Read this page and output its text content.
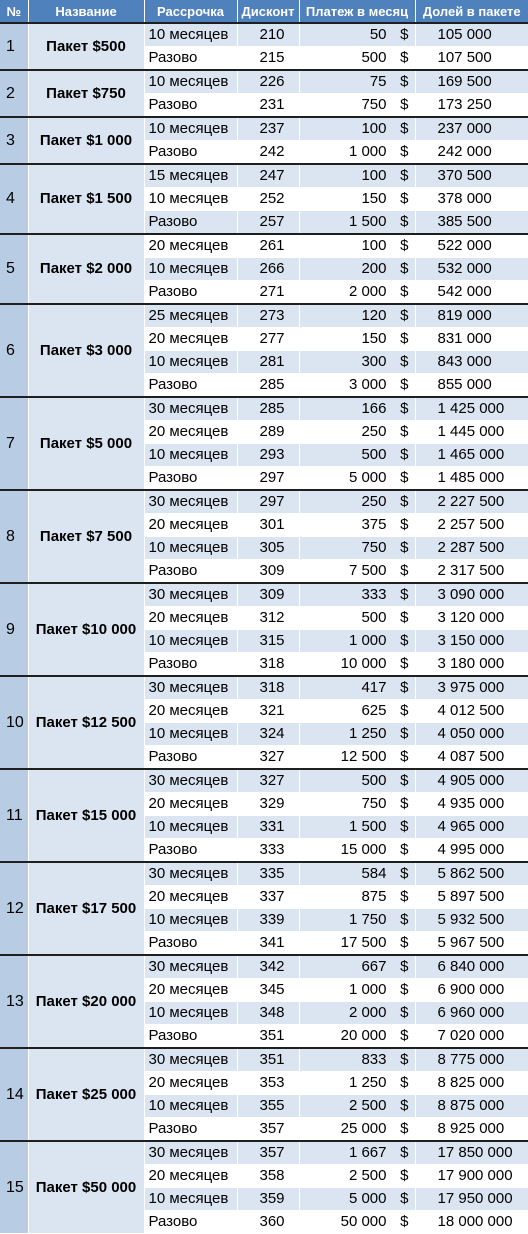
№	Название	Рассрочка	Дисконт	Платеж в месяц	Долей в пакете
1	Пакет $500	10 месяцев	210	50 $	105 000
		Разово	215	500 $	107 500
2	Пакет $750	10 месяцев	226	75 $	169 500
		Разово	231	750 $	173 250
3	Пакет $1 000	10 месяцев	237	100 $	237 000
		Разово	242	1 000 $	242 000
4	Пакет $1 500	15 месяцев	247	100 $	370 500
		10 месяцев	252	150 $	378 000
		Разово	257	1 500 $	385 500
5	Пакет $2 000	20 месяцев	261	100 $	522 000
		10 месяцев	266	200 $	532 000
		Разово	271	2 000 $	542 000
6	Пакет $3 000	25 месяцев	273	120 $	819 000
		20 месяцев	277	150 $	831 000
		10 месяцев	281	300 $	843 000
		Разово	285	3 000 $	855 000
7	Пакет $5 000	30 месяцев	285	166 $	1 425 000
		20 месяцев	289	250 $	1 445 000
		10 месяцев	293	500 $	1 465 000
		Разово	297	5 000 $	1 485 000
8	Пакет $7 500	30 месяцев	297	250 $	2 227 500
		20 месяцев	301	375 $	2 257 500
		10 месяцев	305	750 $	2 287 500
		Разово	309	7 500 $	2 317 500
9	Пакет $10 000	30 месяцев	309	333 $	3 090 000
		20 месяцев	312	500 $	3 120 000
		10 месяцев	315	1 000 $	3 150 000
		Разово	318	10 000 $	3 180 000
10	Пакет $12 500	30 месяцев	318	417 $	3 975 000
		20 месяцев	321	625 $	4 012 500
		10 месяцев	324	1 250 $	4 050 000
		Разово	327	12 500 $	4 087 500
11	Пакет $15 000	30 месяцев	327	500 $	4 905 000
		20 месяцев	329	750 $	4 935 000
		10 месяцев	331	1 500 $	4 965 000
		Разово	333	15 000 $	4 995 000
12	Пакет $17 500	30 месяцев	335	584 $	5 862 500
		20 месяцев	337	875 $	5 897 500
		10 месяцев	339	1 750 $	5 932 500
		Разово	341	17 500 $	5 967 500
13	Пакет $20 000	30 месяцев	342	667 $	6 840 000
		20 месяцев	345	1 000 $	6 900 000
		10 месяцев	348	2 000 $	6 960 000
		Разово	351	20 000 $	7 020 000
14	Пакет $25 000	30 месяцев	351	833 $	8 775 000
		20 месяцев	353	1 250 $	8 825 000
		10 месяцев	355	2 500 $	8 875 000
		Разово	357	25 000 $	8 925 000
15	Пакет $50 000	30 месяцев	357	1 667 $	17 850 000
		20 месяцев	358	2 500 $	17 900 000
		10 месяцев	359	5 000 $	17 950 000
		Разово	360	50 000 $	18 000 000
